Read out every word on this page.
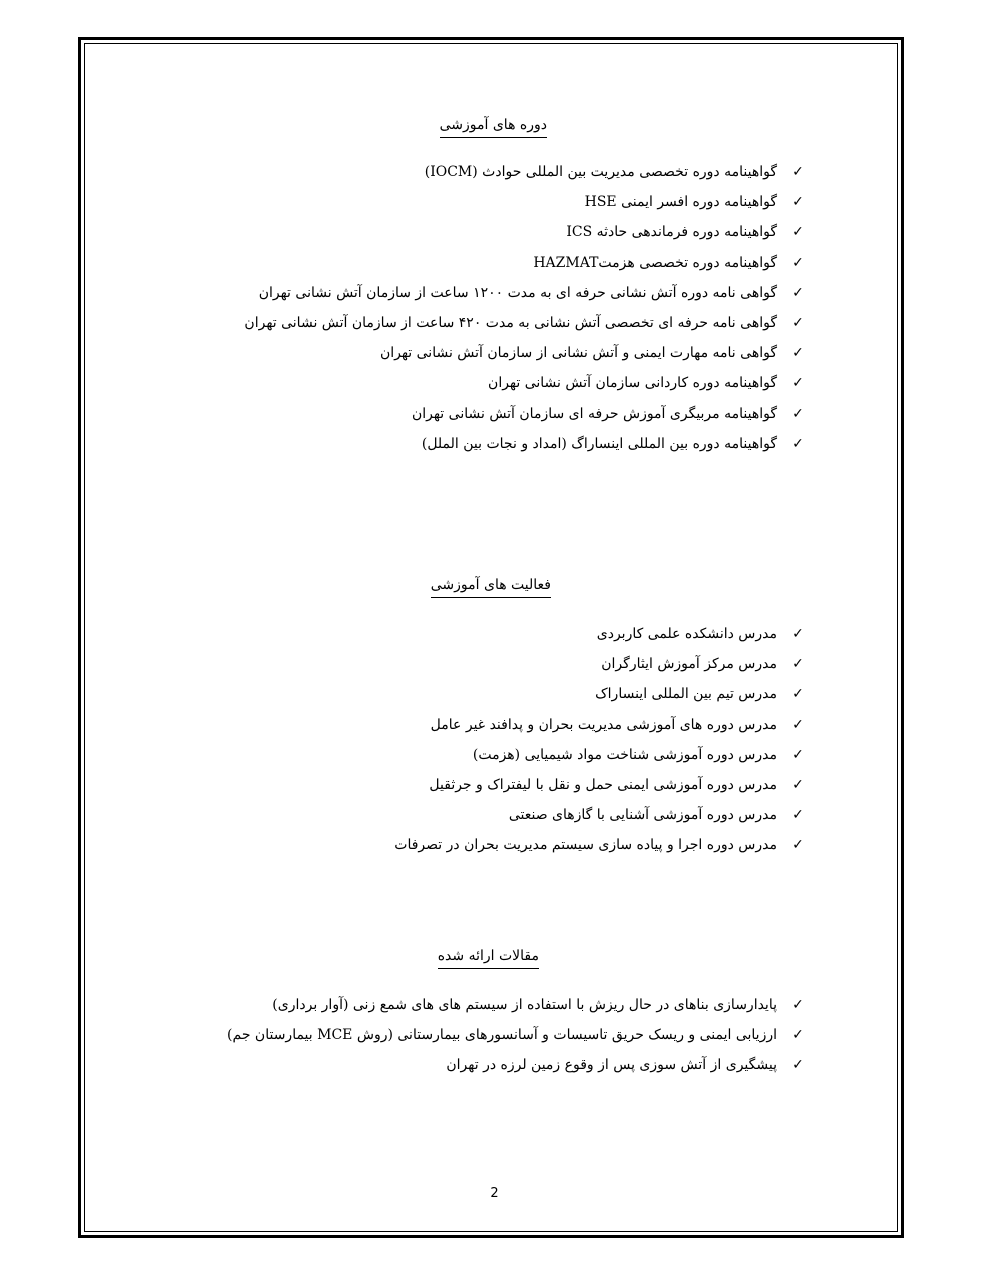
دوره های آموزشی
✓
گواهینامه دوره تخصصی مدیریت بین المللی حوادث (IOCM)
✓
گواهینامه دوره افسر ایمنی HSE
✓
گواهینامه دوره فرماندهی حادثه ICS
✓
گواهینامه دوره تخصصی هزمتHAZMAT
✓
گواهی نامه دوره آتش نشانی حرفه ای به مدت ۱۲۰۰ ساعت از سازمان آتش نشانی تهران
✓
گواهی نامه حرفه ای تخصصی آتش نشانی به مدت ۴۲۰ ساعت از سازمان آتش نشانی تهران
✓
گواهی نامه مهارت ایمنی و آتش نشانی از سازمان آتش نشانی تهران
✓
گواهینامه دوره کاردانی سازمان آتش نشانی تهران
✓
گواهینامه مربیگری آموزش حرفه ای سازمان آتش نشانی تهران
✓
گواهینامه دوره بین المللی اینساراگ (امداد و نجات بین الملل)
فعالیت های آموزشی
✓
مدرس دانشکده علمی کاربردی
✓
مدرس مرکز آموزش ایثارگران
✓
مدرس تیم بین المللی اینساراک
✓
مدرس دوره های آموزشی مدیریت بحران و پدافند غیر عامل
✓
مدرس دوره آموزشی شناخت مواد شیمیایی (هزمت)
✓
مدرس دوره آموزشی ایمنی حمل و نقل با لیفتراک و جرثقیل
✓
مدرس دوره آموزشی آشنایی با گازهای صنعتی
✓
مدرس دوره اجرا و پیاده سازی سیستم مدیریت بحران در تصرفات
مقالات ارائه شده
✓
پایدارسازی بناهای در حال ریزش با استفاده از سیستم های های شمع زنی (آوار برداری)
✓
ارزیابی ایمنی و ریسک حریق تاسیسات و آسانسورهای بیمارستانی (روش MCE بیمارستان جم)
✓
پیشگیری از آتش سوزی پس از وقوع زمین لرزه در تهران
2
